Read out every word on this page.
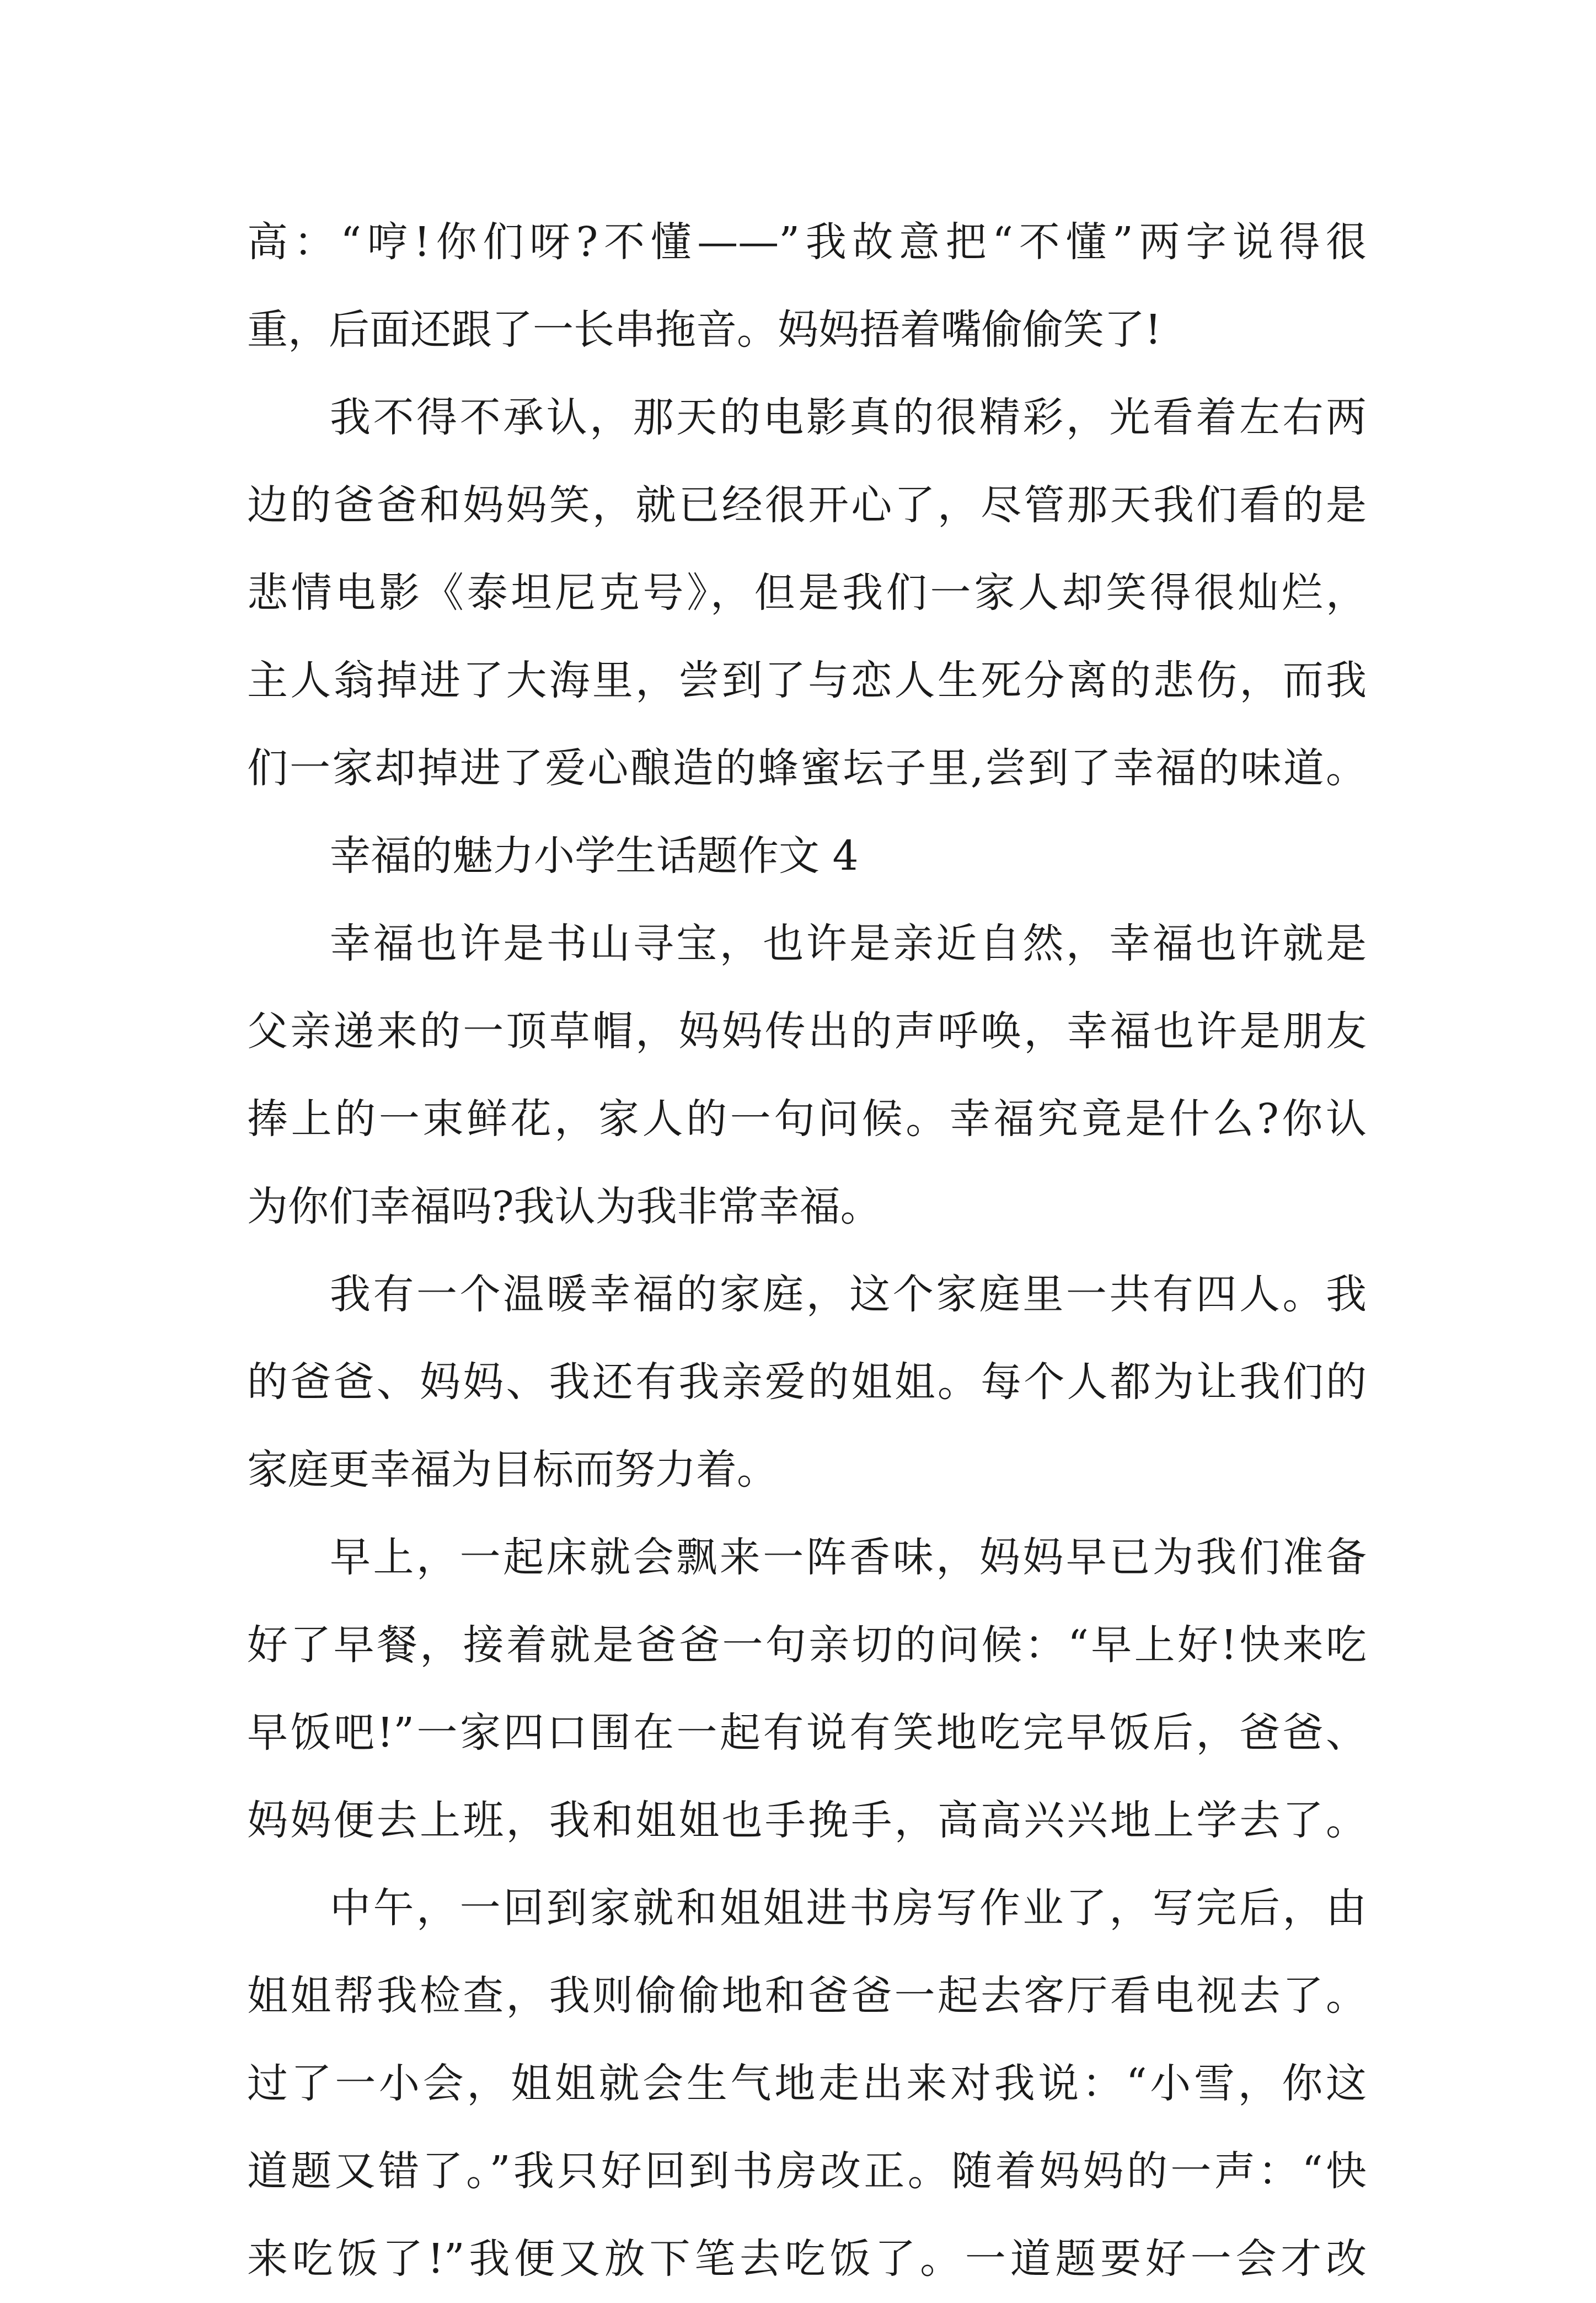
高：“哼!你们呀?不懂——”我故意把“不懂”两字说得很
重，后面还跟了一长串拖音。妈妈捂着嘴偷偷笑了!
我不得不承认，那天的电影真的很精彩，光看着左右两
边的爸爸和妈妈笑，就已经很开心了，尽管那天我们看的是
悲情电影《泰坦尼克号》，但是我们一家人却笑得很灿烂，
主人翁掉进了大海里，尝到了与恋人生死分离的悲伤，而我
们一家却掉进了爱心酿造的蜂蜜坛子里,尝到了幸福的味道。
幸福的魅力小学生话题作文 4
幸福也许是书山寻宝，也许是亲近自然，幸福也许就是
父亲递来的一顶草帽，妈妈传出的声呼唤，幸福也许是朋友
捧上的一束鲜花，家人的一句问候。幸福究竟是什么?你认
为你们幸福吗?我认为我非常幸福。
我有一个温暖幸福的家庭，这个家庭里一共有四人。我
的爸爸、妈妈、我还有我亲爱的姐姐。每个人都为让我们的
家庭更幸福为目标而努力着。
早上，一起床就会飘来一阵香味，妈妈早已为我们准备
好了早餐，接着就是爸爸一句亲切的问候：“早上好!快来吃
早饭吧!”一家四口围在一起有说有笑地吃完早饭后，爸爸、
妈妈便去上班，我和姐姐也手挽手，高高兴兴地上学去了。
中午，一回到家就和姐姐进书房写作业了，写完后，由
姐姐帮我检查，我则偷偷地和爸爸一起去客厅看电视去了。
过了一小会，姐姐就会生气地走出来对我说：“小雪，你这
道题又错了。”我只好回到书房改正。随着妈妈的一声：“快
来吃饭了!”我便又放下笔去吃饭了。一道题要好一会才改
